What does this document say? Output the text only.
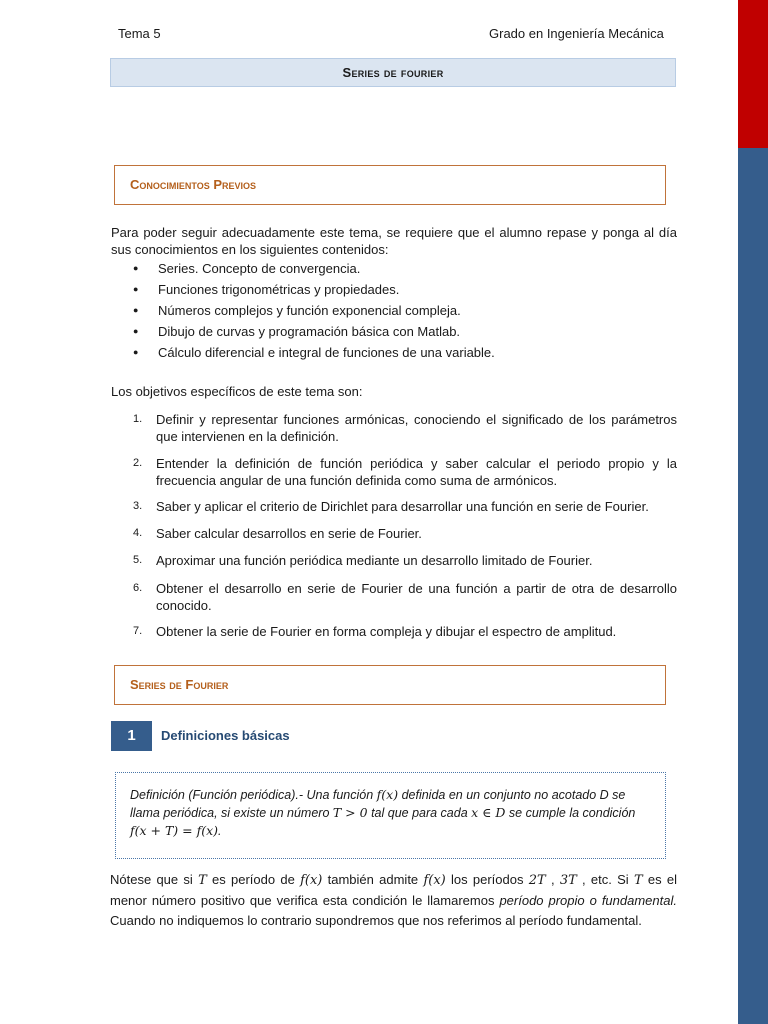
Tema 5	Grado en Ingeniería Mecánica
Series de fourier
Conocimientos Previos
Para poder seguir adecuadamente este tema, se requiere que el alumno repase y ponga al día sus conocimientos en los siguientes contenidos:
● Series. Concepto de convergencia.
● Funciones trigonométricas y propiedades.
● Números complejos y función exponencial compleja.
● Dibujo de curvas y programación básica con Matlab.
● Cálculo diferencial e integral de funciones de una variable.
Los objetivos específicos de este tema son:
1.	Definir y representar funciones armónicas, conociendo el significado de los parámetros que intervienen en la definición.
2.	Entender la definición de función periódica y saber calcular el periodo propio y la frecuencia angular de una función definida como suma de armónicos.
3.	Saber y aplicar el criterio de Dirichlet para desarrollar una función en serie de Fourier.
4.	Saber calcular desarrollos en serie de Fourier.
5.	Aproximar una función periódica mediante un desarrollo limitado de Fourier.
6.	Obtener el desarrollo en serie de Fourier de una función a partir de otra de desarrollo conocido.
7.	Obtener la serie de Fourier en forma compleja y dibujar el espectro de amplitud.
Series de Fourier
1	Definiciones básicas
Definición (Función periódica).- Una función f(x) definida en un conjunto no acotado D se llama periódica, si existe un número T > 0 tal que para cada x ∈ D se cumple la condición f(x + T) = f(x).
Nótese que si T es período de f(x) también admite f(x) los períodos 2T , 3T , etc. Si T es el menor número positivo que verifica esta condición le llamaremos período propio o fundamental. Cuando no indiquemos lo contrario supondremos que nos referimos al período fundamental.
